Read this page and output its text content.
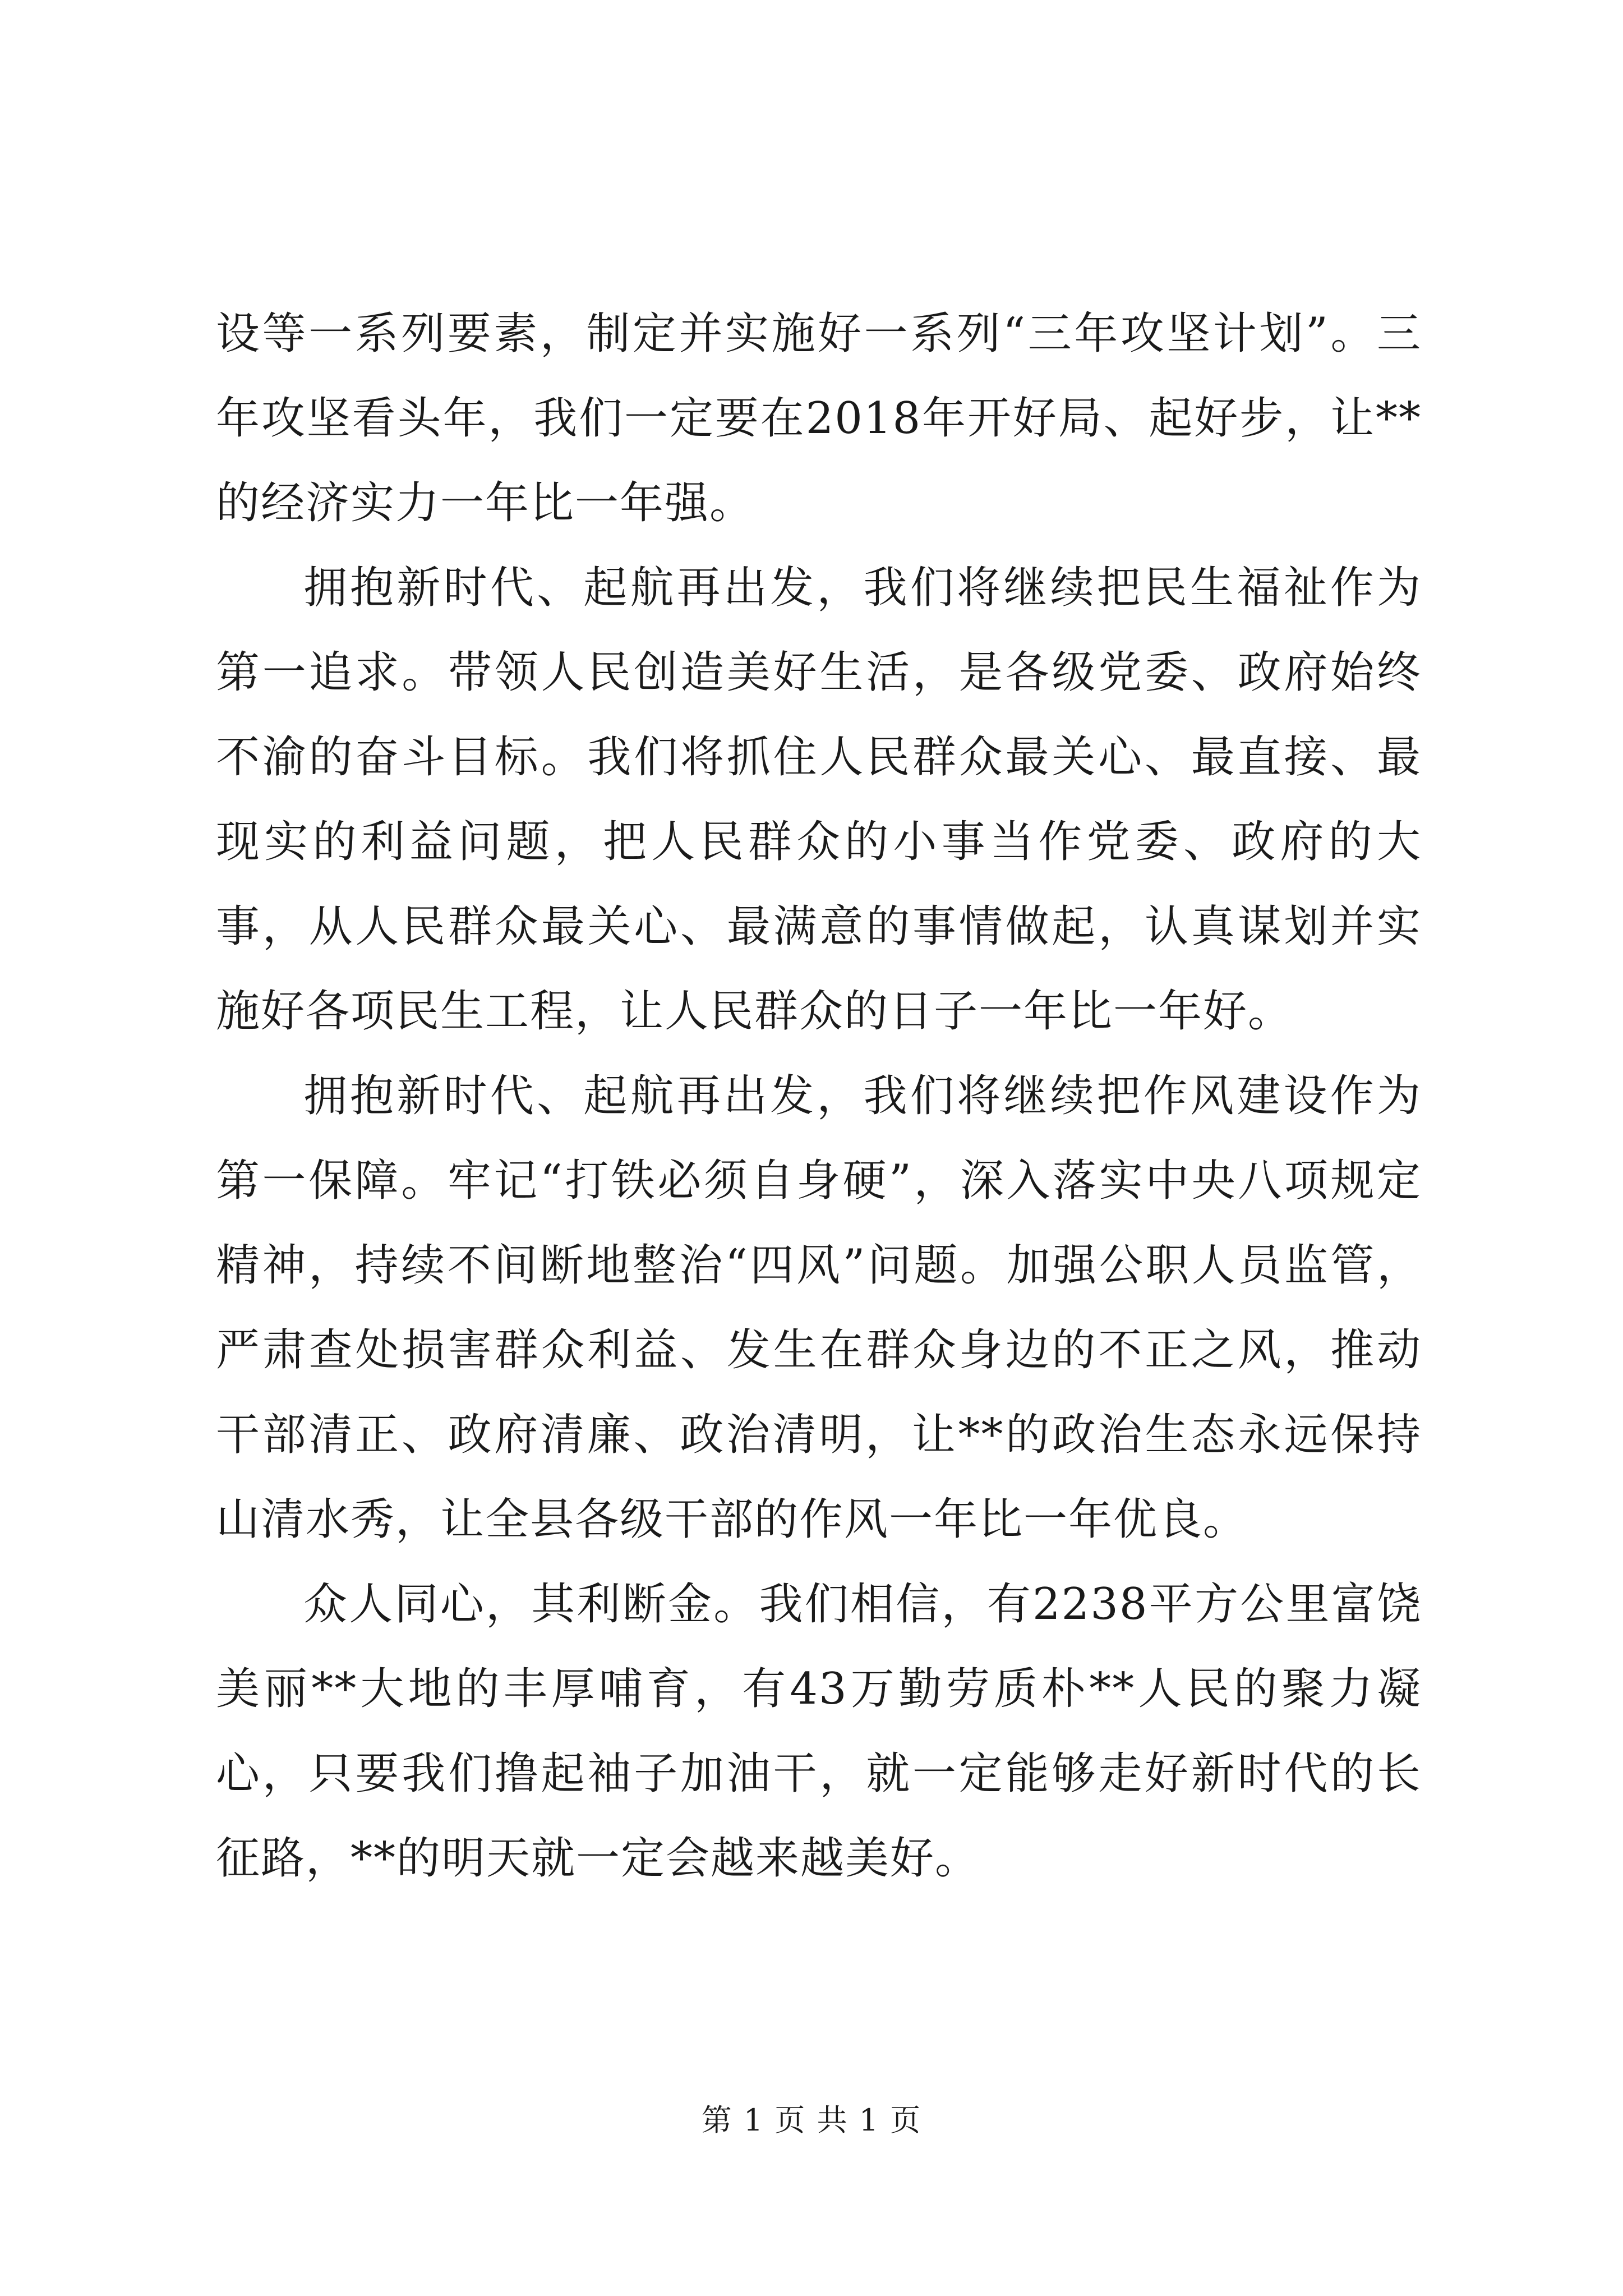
设等一系列要素，制定并实施好一系列“三年攻坚计划”。三年攻坚看头年，我们一定要在2018年开好局、起好步，让**的经济实力一年比一年强。

拥抱新时代、起航再出发，我们将继续把民生福祉作为第一追求。带领人民创造美好生活，是各级党委、政府始终不渝的奋斗目标。我们将抓住人民群众最关心、最直接、最现实的利益问题，把人民群众的小事当作党委、政府的大事，从人民群众最关心、最满意的事情做起，认真谋划并实施好各项民生工程，让人民群众的日子一年比一年好。

拥抱新时代、起航再出发，我们将继续把作风建设作为第一保障。牢记“打铁必须自身硬”，深入落实中央八项规定精神，持续不间断地整治“四风”问题。加强公职人员监管，严肃查处损害群众利益、发生在群众身边的不正之风，推动干部清正、政府清廉、政治清明，让**的政治生态永远保持山清水秀，让全县各级干部的作风一年比一年优良。

众人同心，其利断金。我们相信，有2238平方公里富饶美丽**大地的丰厚哺育，有43万勤劳质朴**人民的聚力凝心，只要我们撸起袖子加油干，就一定能够走好新时代的长征路，**的明天就一定会越来越美好。

第 1 页 共 1 页
